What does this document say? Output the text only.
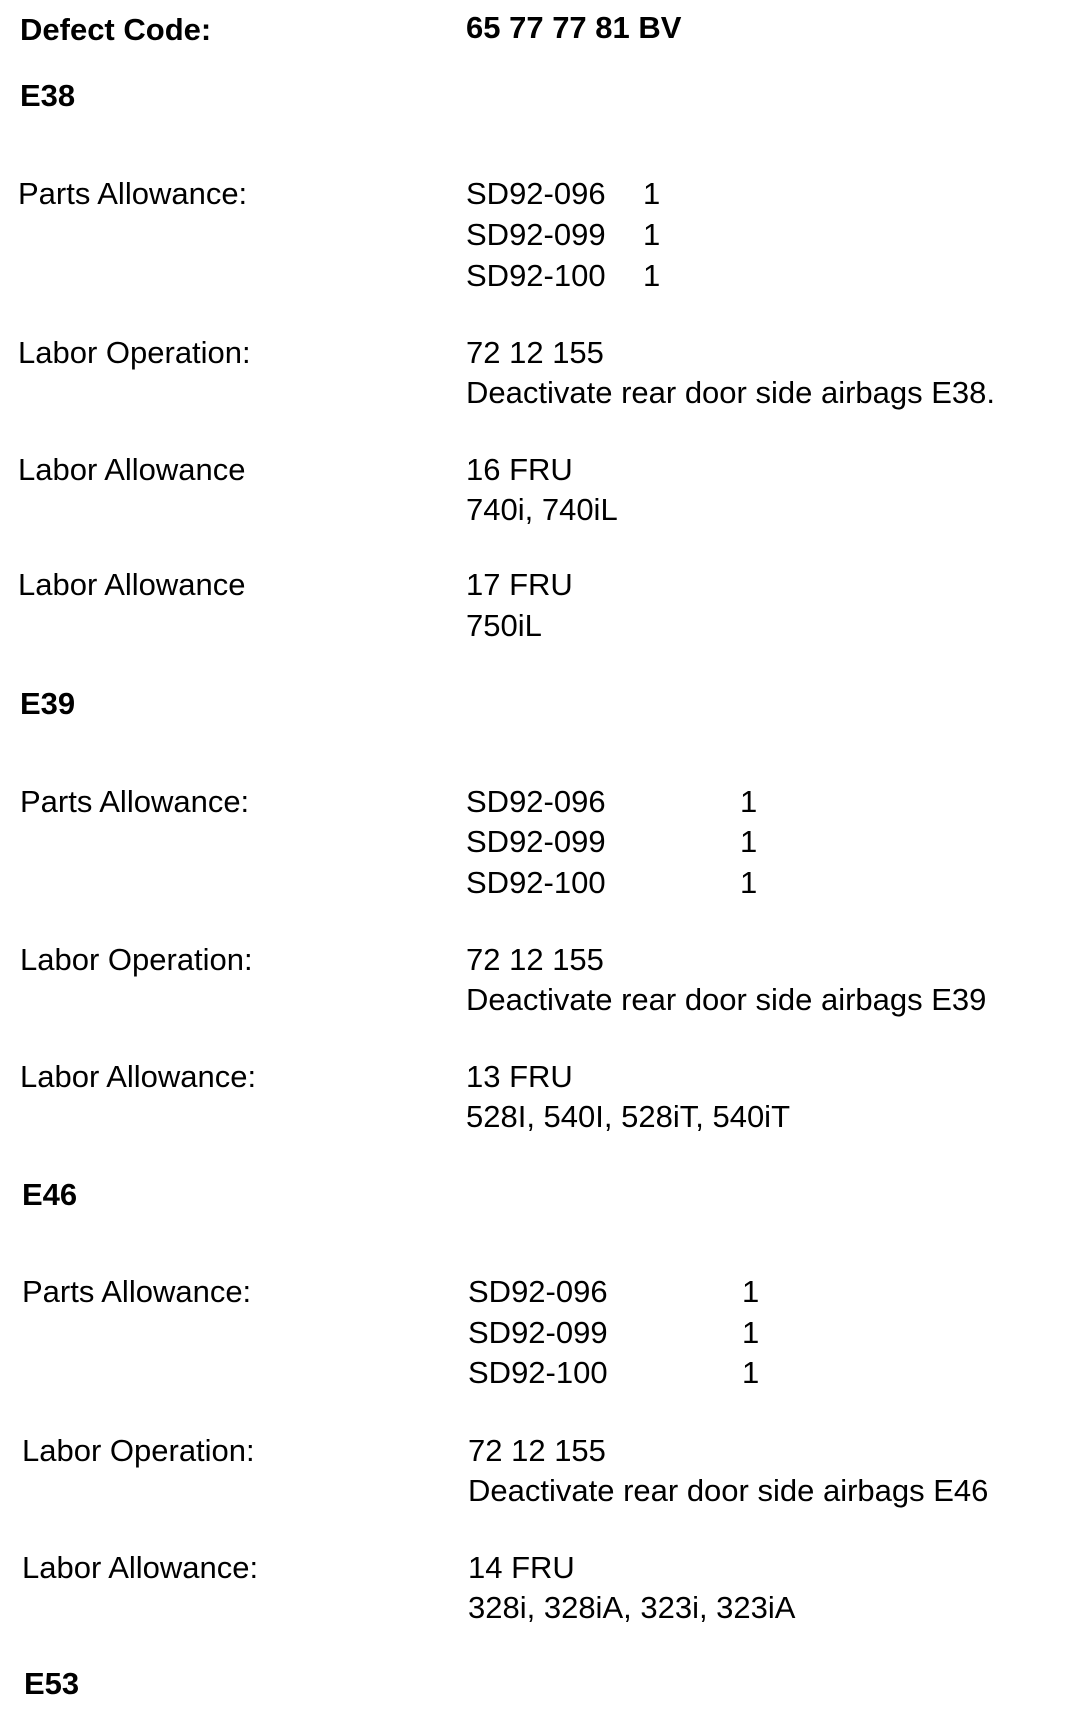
Defect Code:	65 77 77 81 BV
E38
Parts Allowance:	SD92-096 1
SD92-099 1
SD92-100 1
Labor Operation:	72 12 155
Deactivate rear door side airbags E38.
Labor Allowance	16 FRU
740i, 740iL
Labor Allowance	17 FRU
750iL
E39
Parts Allowance:	SD92-096	1
SD92-099	1
SD92-100	1
Labor Operation:	72 12 155
Deactivate rear door side airbags E39
Labor Allowance:	13 FRU
528I, 540I, 528iT, 540iT
E46
Parts Allowance:	SD92-096	1
SD92-099	1
SD92-100	1
Labor Operation:	72 12 155
Deactivate rear door side airbags E46
Labor Allowance:	14 FRU
328i, 328iA, 323i, 323iA
E53
